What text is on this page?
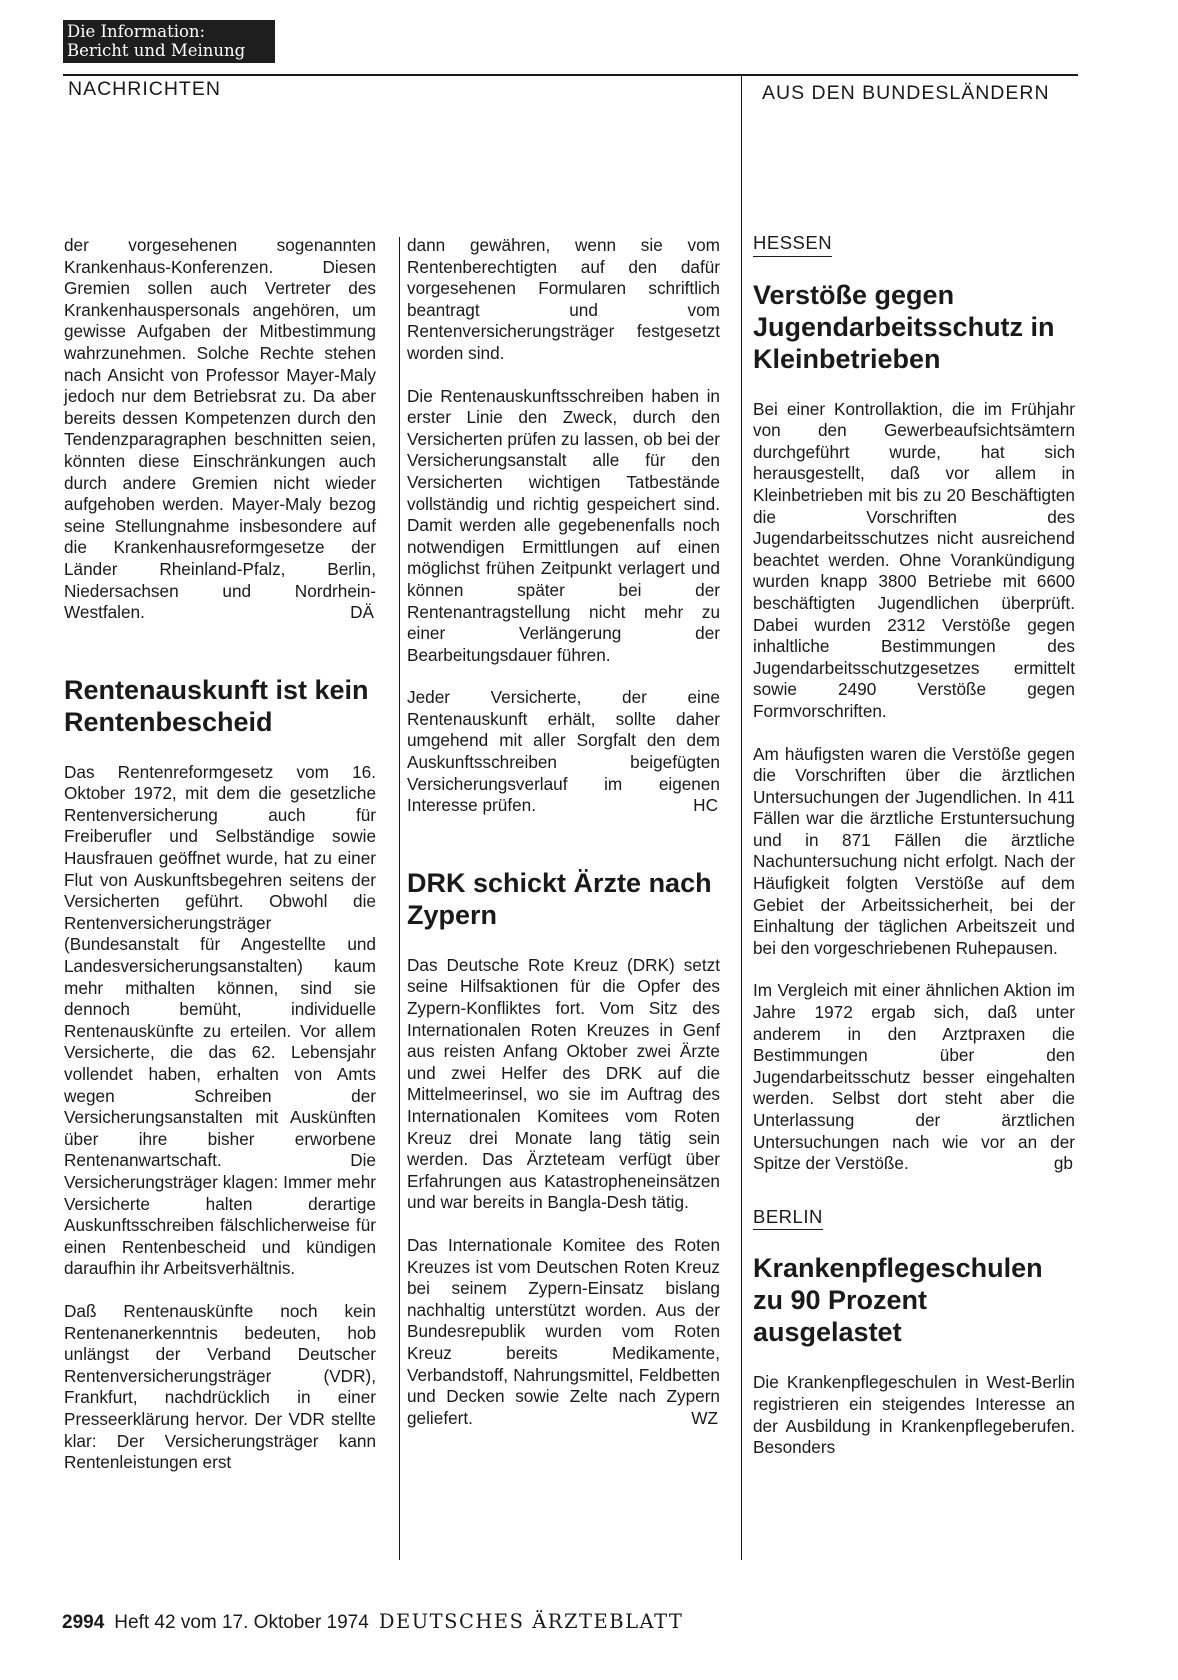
Die Information:
Bericht und Meinung
NACHRICHTEN	AUS DEN BUNDESLÄNDERN

der vorgesehenen sogenannten Krankenhaus-Konferenzen. Diesen Gremien sollen auch Vertreter des Krankenhauspersonals angehören, um gewisse Aufgaben der Mitbestimmung wahrzunehmen. Solche Rechte stehen nach Ansicht von Professor Mayer-Maly jedoch nur dem Betriebsrat zu. Da aber bereits dessen Kompetenzen durch den Tendenzparagraphen beschnitten seien, könnten diese Einschränkungen auch durch andere Gremien nicht wieder aufgehoben werden. Mayer-Maly bezog seine Stellungnahme insbesondere auf die Krankenhausreformgesetze der Länder Rheinland-Pfalz, Berlin, Niedersachsen und Nordrhein-Westfalen.	DÄ

Rentenauskunft ist kein Rentenbescheid

Das Rentenreformgesetz vom 16. Oktober 1972, mit dem die gesetzliche Rentenversicherung auch für Freiberufler und Selbständige sowie Hausfrauen geöffnet wurde, hat zu einer Flut von Auskunftsbegehren seitens der Versicherten geführt. Obwohl die Rentenversicherungsträger (Bundesanstalt für Angestellte und Landesversicherungsanstalten) kaum mehr mithalten können, sind sie dennoch bemüht, individuelle Rentenauskünfte zu erteilen. Vor allem Versicherte, die das 62. Lebensjahr vollendet haben, erhalten von Amts wegen Schreiben der Versicherungsanstalten mit Auskünften über ihre bisher erworbene Rentenanwartschaft. Die Versicherungsträger klagen: Immer mehr Versicherte halten derartige Auskunftsschreiben fälschlicherweise für einen Rentenbescheid und kündigen daraufhin ihr Arbeitsverhältnis.

Daß Rentenauskünfte noch kein Rentenanerkenntnis bedeuten, hob unlängst der Verband Deutscher Rentenversicherungsträger (VDR), Frankfurt, nachdrücklich in einer Presseerklärung hervor. Der VDR stellte klar: Der Versicherungsträger kann Rentenleistungen erst

dann gewähren, wenn sie vom Rentenberechtigten auf den dafür vorgesehenen Formularen schriftlich beantragt und vom Rentenversicherungsträger festgesetzt worden sind.

Die Rentenauskunftsschreiben haben in erster Linie den Zweck, durch den Versicherten prüfen zu lassen, ob bei der Versicherungsanstalt alle für den Versicherten wichtigen Tatbestände vollständig und richtig gespeichert sind. Damit werden alle gegebenenfalls noch notwendigen Ermittlungen auf einen möglichst frühen Zeitpunkt verlagert und können später bei der Rentenantragstellung nicht mehr zu einer Verlängerung der Bearbeitungsdauer führen.

Jeder Versicherte, der eine Rentenauskunft erhält, sollte daher umgehend mit aller Sorgfalt den dem Auskunftsschreiben beigefügten Versicherungsverlauf im eigenen Interesse prüfen.	HC

DRK schickt Ärzte nach Zypern

Das Deutsche Rote Kreuz (DRK) setzt seine Hilfsaktionen für die Opfer des Zypern-Konfliktes fort. Vom Sitz des Internationalen Roten Kreuzes in Genf aus reisten Anfang Oktober zwei Ärzte und zwei Helfer des DRK auf die Mittelmeerinsel, wo sie im Auftrag des Internationalen Komitees vom Roten Kreuz drei Monate lang tätig sein werden. Das Ärzteteam verfügt über Erfahrungen aus Katastropheneinsätzen und war bereits in Bangla-Desh tätig.

Das Internationale Komitee des Roten Kreuzes ist vom Deutschen Roten Kreuz bei seinem Zypern-Einsatz bislang nachhaltig unterstützt worden. Aus der Bundesrepublik wurden vom Roten Kreuz bereits Medikamente, Verbandstoff, Nahrungsmittel, Feldbetten und Decken sowie Zelte nach Zypern geliefert.	WZ

HESSEN
Verstöße gegen Jugendarbeitsschutz in Kleinbetrieben

Bei einer Kontrollaktion, die im Frühjahr von den Gewerbeaufsichtsämtern durchgeführt wurde, hat sich herausgestellt, daß vor allem in Kleinbetrieben mit bis zu 20 Beschäftigten die Vorschriften des Jugendarbeitsschutzes nicht ausreichend beachtet werden. Ohne Vorankündigung wurden knapp 3800 Betriebe mit 6600 beschäftigten Jugendlichen überprüft. Dabei wurden 2312 Verstöße gegen inhaltliche Bestimmungen des Jugendarbeitsschutzgesetzes ermittelt sowie 2490 Verstöße gegen Formvorschriften.

Am häufigsten waren die Verstöße gegen die Vorschriften über die ärztlichen Untersuchungen der Jugendlichen. In 411 Fällen war die ärztliche Erstuntersuchung und in 871 Fällen die ärztliche Nachuntersuchung nicht erfolgt. Nach der Häufigkeit folgten Verstöße auf dem Gebiet der Arbeitssicherheit, bei der Einhaltung der täglichen Arbeitszeit und bei den vorgeschriebenen Ruhepausen.

Im Vergleich mit einer ähnlichen Aktion im Jahre 1972 ergab sich, daß unter anderem in den Arztpraxen die Bestimmungen über den Jugendarbeitsschutz besser eingehalten werden. Selbst dort steht aber die Unterlassung der ärztlichen Untersuchungen nach wie vor an der Spitze der Verstöße.	gb

BERLIN
Krankenpflegeschulen zu 90 Prozent ausgelastet

Die Krankenpflegeschulen in West-Berlin registrieren ein steigendes Interesse an der Ausbildung in Krankenpflegeberufen. Besonders

2994 Heft 42 vom 17. Oktober 1974 DEUTSCHES ÄRZTEBLATT
